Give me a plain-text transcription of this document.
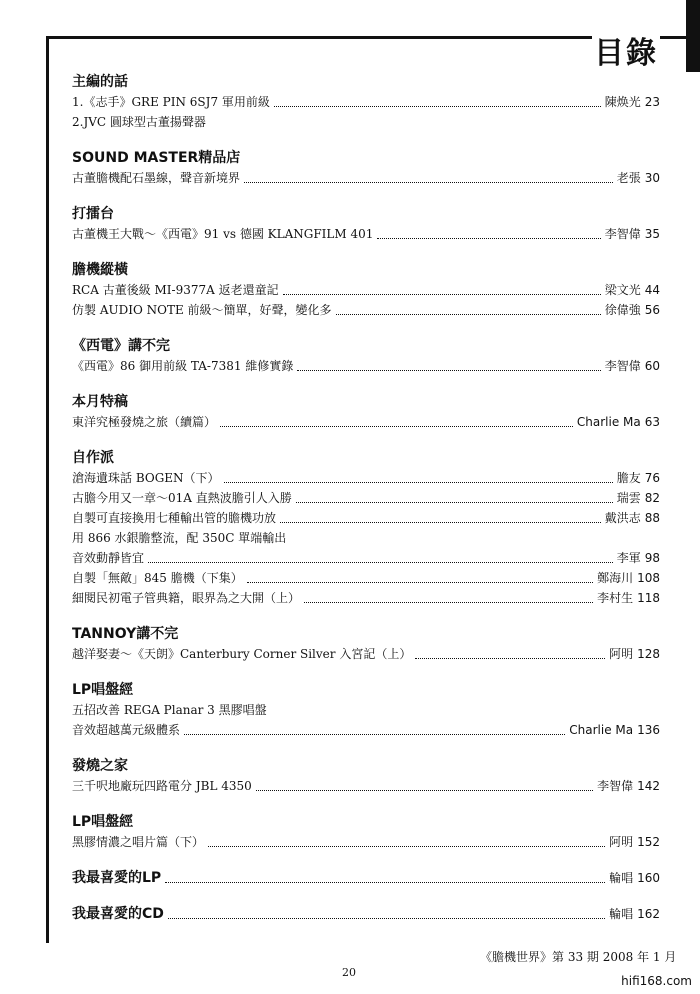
目錄
主編的話
1.《志手》GRE PIN 6SJ7 軍用前級	陳焕光 23
2.JVC 圓球型古董揚聲器
SOUND MASTER精品店
古董膽機配石墨線，聲音新境界	老張 30
打擂台
古董機王大戰～《西電》91 vs 德國 KLANGFILM 401	李智偉 35
膽機縱橫
RCA 古董後級 MI-9377A 返老還童記	梁文光 44
仿製 AUDIO NOTE 前級～簡單，好聲，變化多	徐偉強 56
《西電》講不完
《西電》86 御用前級 TA-7381 維修實錄	李智偉 60
本月特稿
東洋究極發燒之旅（續篇）	Charlie Ma 63
自作派
滄海遺珠話 BOGEN（下）	膽友 76
古膽今用又一章～01A 直熱波膽引人入勝	瑞雲 82
自製可直接換用七種輸出管的膽機功放	戴洪志 88
用 866 水銀膽整流，配 350C 單端輸出
音效動靜皆宜	李軍 98
自製「無敵」845 膽機（下集）	鄭海川 108
細閱民初電子管典籍，眼界為之大開（上）	李村生 118
TANNOY講不完
越洋娶妻～《天朗》Canterbury Corner Silver 入宮記（上）	阿明 128
LP唱盤經
五招改善 REGA Planar 3 黑膠唱盤
音效超越萬元級體系	Charlie Ma 136
發燒之家
三千呎地廠玩四路電分 JBL 4350	李智偉 142
LP唱盤經
黑膠情濃之唱片篇（下）	阿明 152
我最喜愛的LP	輪唱 160
我最喜愛的CD	輪唱 162
《膽機世界》第 33 期 2008 年 1 月
20
hifi168.com
